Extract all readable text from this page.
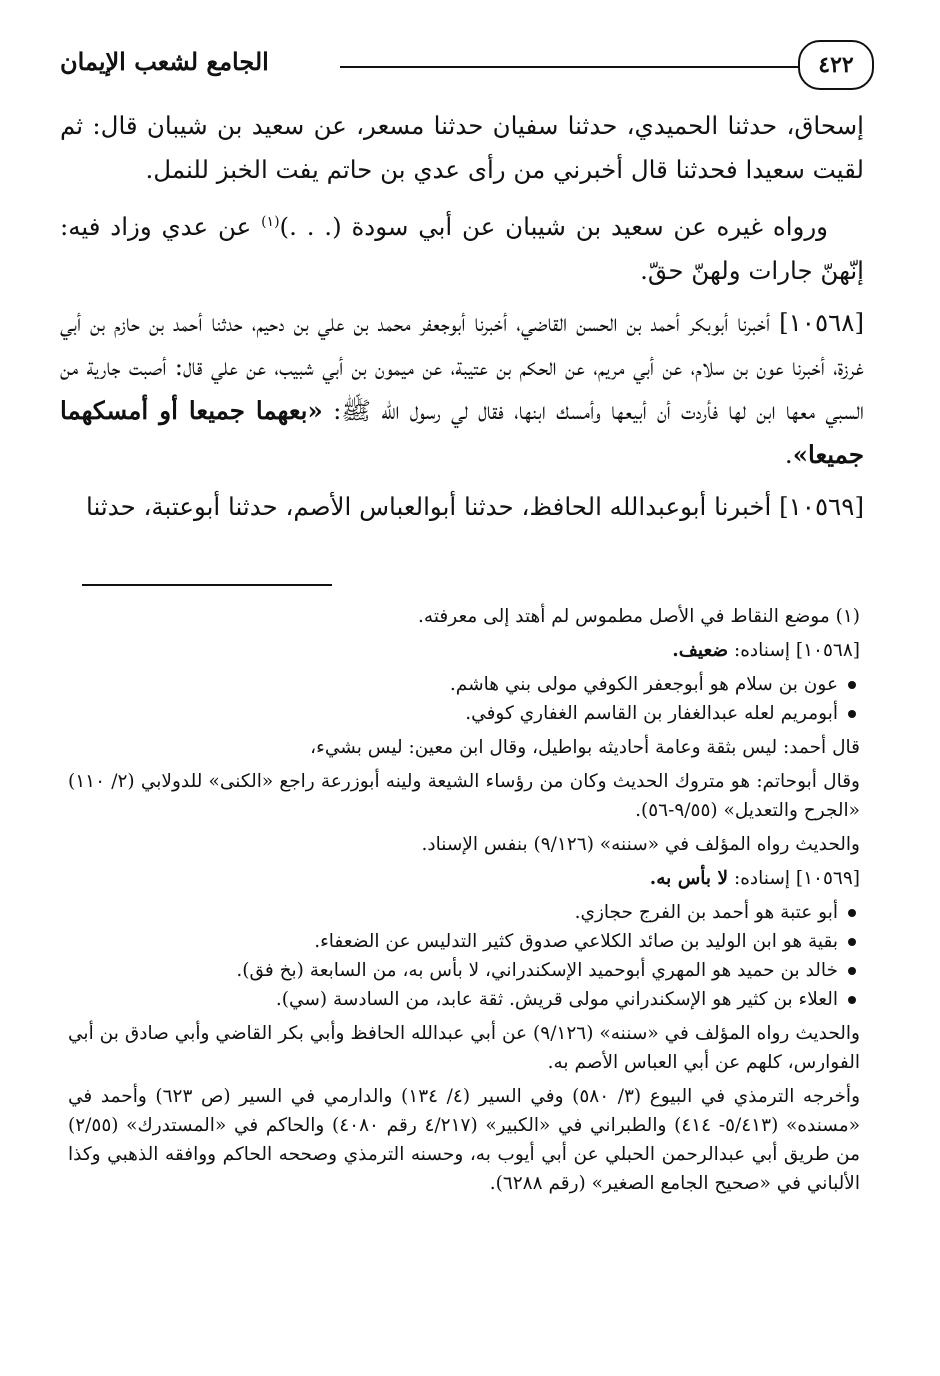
٤٢٢
الجامع لشعب الإيمان

إسحاق، حدثنا الحميدي، حدثنا سفيان حدثنا مسعر، عن سعيد بن شيبان قال: ثم لقيت سعيدا فحدثنا قال أخبرني من رأى عدي بن حاتم يفت الخبز للنمل.

ورواه غيره عن سعيد بن شيبان عن أبي سودة (. . .)$^{(١)}$ عن عدي وزاد فيه: إنّهنّ جارات ولهنّ حقّ.

[١٠٥٦٨] أخبرنا أبوبكر أحمد بن الحسن القاضي، أخبرنا أبوجعفر محمد بن علي بن دحيم، حدثنا أحمد بن حازم بن أبي غرزة، أخبرنا عون بن سلام، عن أبي مريم، عن الحكم بن عتيبة، عن ميمون بن أبي شبيب، عن علي قال: أصبت جارية من السبي معها ابن لها فأردت أن أبيعها وأمسك ابنها، فقال لي رسول الله ﷺ: «بعهما جميعا أو أمسكهما جميعا».

[١٠٥٦٩] أخبرنا أبوعبدالله الحافظ، حدثنا أبوالعباس الأصم، حدثنا أبوعتبة، حدثنا

(١) موضع النقاط في الأصل مطموس لم أهتد إلى معرفته.

[١٠٥٦٨] إسناده: ضعيف.

عون بن سلام هو أبوجعفر الكوفي مولى بني هاشم.
أبومريم لعله عبدالغفار بن القاسم الغفاري كوفي.

قال أحمد: ليس بثقة وعامة أحاديثه بواطيل، وقال ابن معين: ليس بشيء،

وقال أبوحاتم: هو متروك الحديث وكان من رؤساء الشيعة ولينه أبوزرعة راجع «الكنى» للدولابي (٢/ ١١٠) «الجرح والتعديل» (٩/٥٥-٥٦).

والحديث رواه المؤلف في «سننه» (٩/١٢٦) بنفس الإسناد.

[١٠٥٦٩] إسناده: لا بأس به.

أبو عتبة هو أحمد بن الفرج حجازي.
بقية هو ابن الوليد بن صائد الكلاعي صدوق كثير التدليس عن الضعفاء.
خالد بن حميد هو المهري أبوحميد الإسكندراني، لا بأس به، من السابعة (بخ فق).
العلاء بن كثير هو الإسكندراني مولى قريش. ثقة عابد، من السادسة (سي).

والحديث رواه المؤلف في «سننه» (٩/١٢٦) عن أبي عبدالله الحافظ وأبي بكر القاضي وأبي صادق بن أبي الفوارس، كلهم عن أبي العباس الأصم به.

وأخرجه الترمذي في البيوع (٣/ ٥٨٠) وفي السير (٤/ ١٣٤) والدارمي في السير (ص ٦٢٣) وأحمد في «مسنده» (٥/٤١٣- ٤١٤) والطبراني في «الكبير» (٤/٢١٧ رقم ٤٠٨٠) والحاكم في «المستدرك» (٢/٥٥) من طريق أبي عبدالرحمن الحبلي عن أبي أيوب به، وحسنه الترمذي وصححه الحاكم ووافقه الذهبي وكذا الألباني في «صحيح الجامع الصغير» (رقم ٦٢٨٨).
